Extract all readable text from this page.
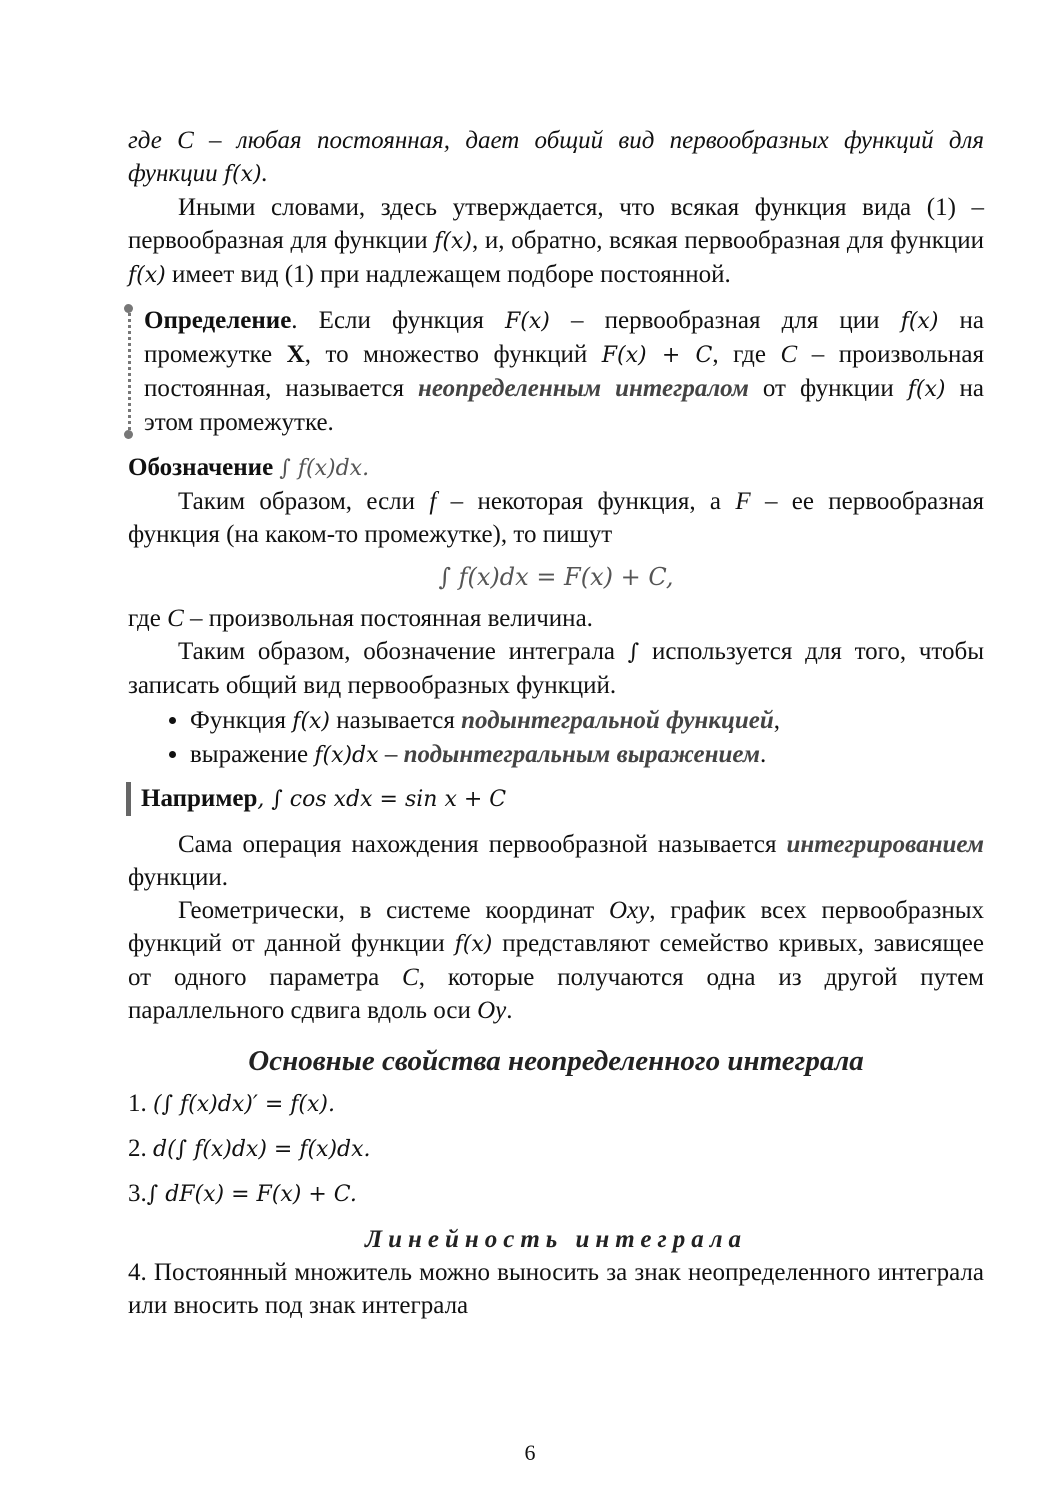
где C – любая постоянная, дает общий вид первообразных функций для функции f(x).

Иными словами, здесь утверждается, что всякая функция вида (1) – первообразная для функции f(x), и, обратно, всякая первообразная для функции f(x) имеет вид (1) при надлежащем подборе постоянной.

Определение. Если функция F(x) – первообразная для ции f(x) на промежутке X, то множество функций F(x) + C, где C – произвольная постоянная, называется неопределенным интегралом от функции f(x) на этом промежутке.

Обозначение ∫ f(x)dx.

Таким образом, если f – некоторая функция, а F – ее первообразная функция (на каком-то промежутке), то пишут

∫ f(x)dx = F(x) + C,

где C – произвольная постоянная величина.

Таким образом, обозначение интеграла ∫ используется для того, чтобы записать общий вид первообразных функций.

• Функция f(x) называется подынтегральной функцией,
• выражение f(x)dx – подынтегральным выражением.

Например, ∫ cos xdx = sin x + C

Сама операция нахождения первообразной называется интегрированием функции.

Геометрически, в системе координат Oxy, график всех первообразных функций от данной функции f(x) представляют семейство кривых, зависящее от одного параметра C, которые получаются одна из другой путем параллельного сдвига вдоль оси Oy.

Основные свойства неопределенного интеграла

1. (∫ f(x)dx)′ = f(x).

2. d(∫ f(x)dx) = f(x)dx.

3.∫ dF(x) = F(x) + C.

Линейность интеграла

4. Постоянный множитель можно выносить за знак неопределенного интеграла или вносить под знак интеграла

6
